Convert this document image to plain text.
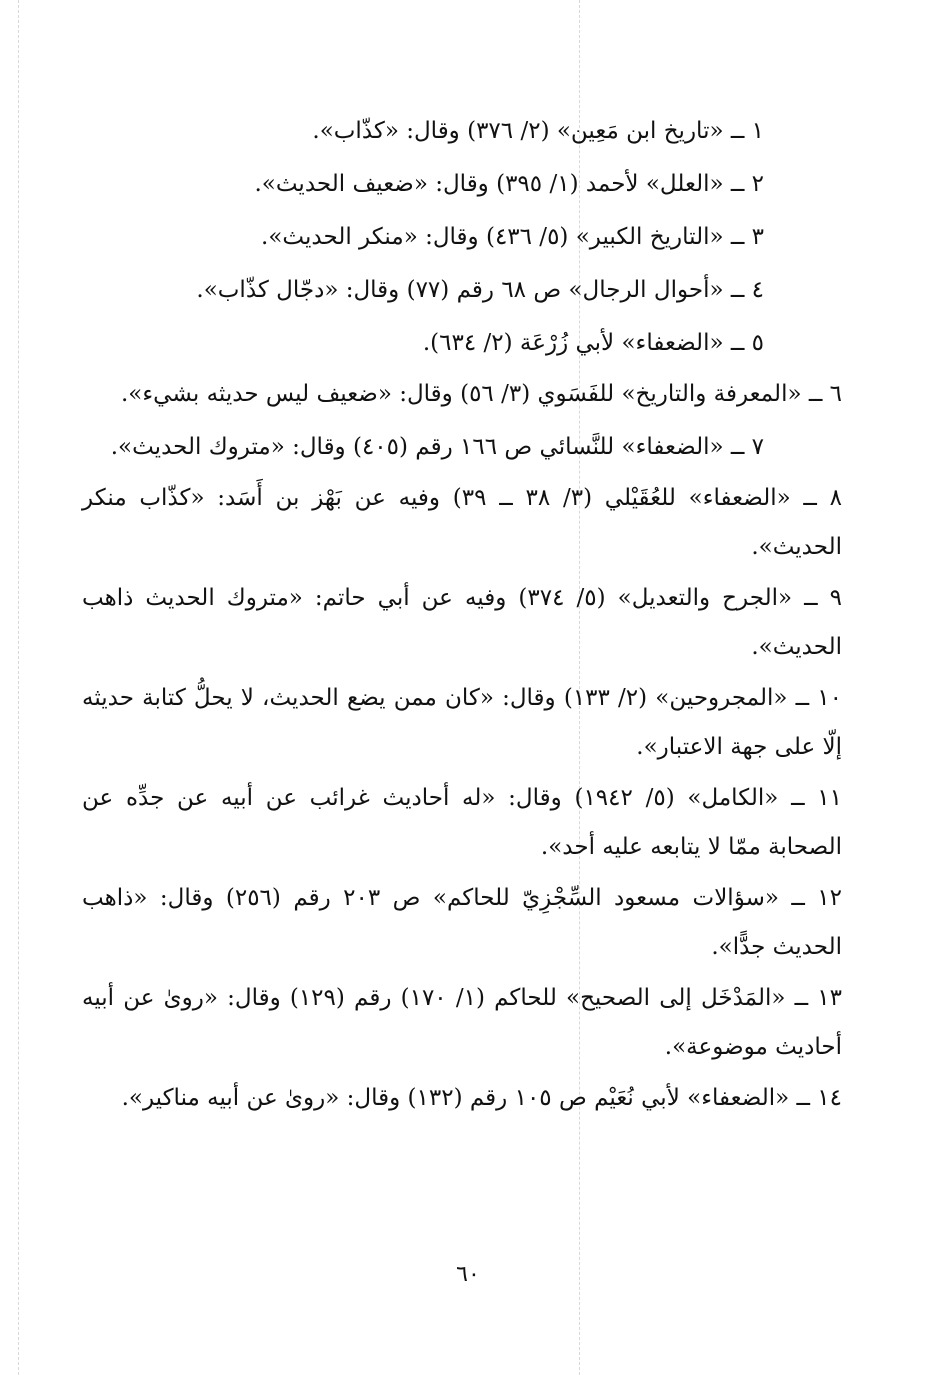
١ ــ «تاريخ ابن مَعِين» (٢/ ٣٧٦) وقال: «كذّاب».

٢ ــ «العلل» لأحمد (١/ ٣٩٥) وقال: «ضعيف الحديث».

٣ ــ «التاريخ الكبير» (٥/ ٤٣٦) وقال: «منكر الحديث».

٤ ــ «أحوال الرجال» ص ٦٨ رقم (٧٧) وقال: «دجّال كذّاب».

٥ ــ «الضعفاء» لأبي زُرْعَة (٢/ ٦٣٤).

٦ ــ «المعرفة والتاريخ» للفَسَوي (٣/ ٥٦) وقال: «ضعيف ليس حديثه بشيء».

٧ ــ «الضعفاء» للنَّسائي ص ١٦٦ رقم (٤٠٥) وقال: «متروك الحديث».

٨ ــ «الضعفاء» للعُقَيْلي (٣/ ٣٨ ــ ٣٩) وفيه عن بَهْز بن أَسَد: «كذّاب منكر الحديث».

٩ ــ «الجرح والتعديل» (٥/ ٣٧٤) وفيه عن أبي حاتم: «متروك الحديث ذاهب الحديث».

١٠ ــ «المجروحين» (٢/ ١٣٣) وقال: «كان ممن يضع الحديث، لا يحلُّ كتابة حديثه إلّا على جهة الاعتبار».

١١ ــ «الكامل» (٥/ ١٩٤٢) وقال: «له أحاديث غرائب عن أبيه عن جدِّه عن الصحابة ممّا لا يتابعه عليه أحد».

١٢ ــ «سؤالات مسعود السِّجْزِيّ للحاكم» ص ٢٠٣ رقم (٢٥٦) وقال: «ذاهب الحديث جدًّا».

١٣ ــ «المَدْخَل إلى الصحيح» للحاكم (١/ ١٧٠) رقم (١٢٩) وقال: «روىٰ عن أبيه أحاديث موضوعة».

١٤ ــ «الضعفاء» لأبي نُعَيْم ص ١٠٥ رقم (١٣٢) وقال: «روىٰ عن أبيه مناكير».

٦٠
